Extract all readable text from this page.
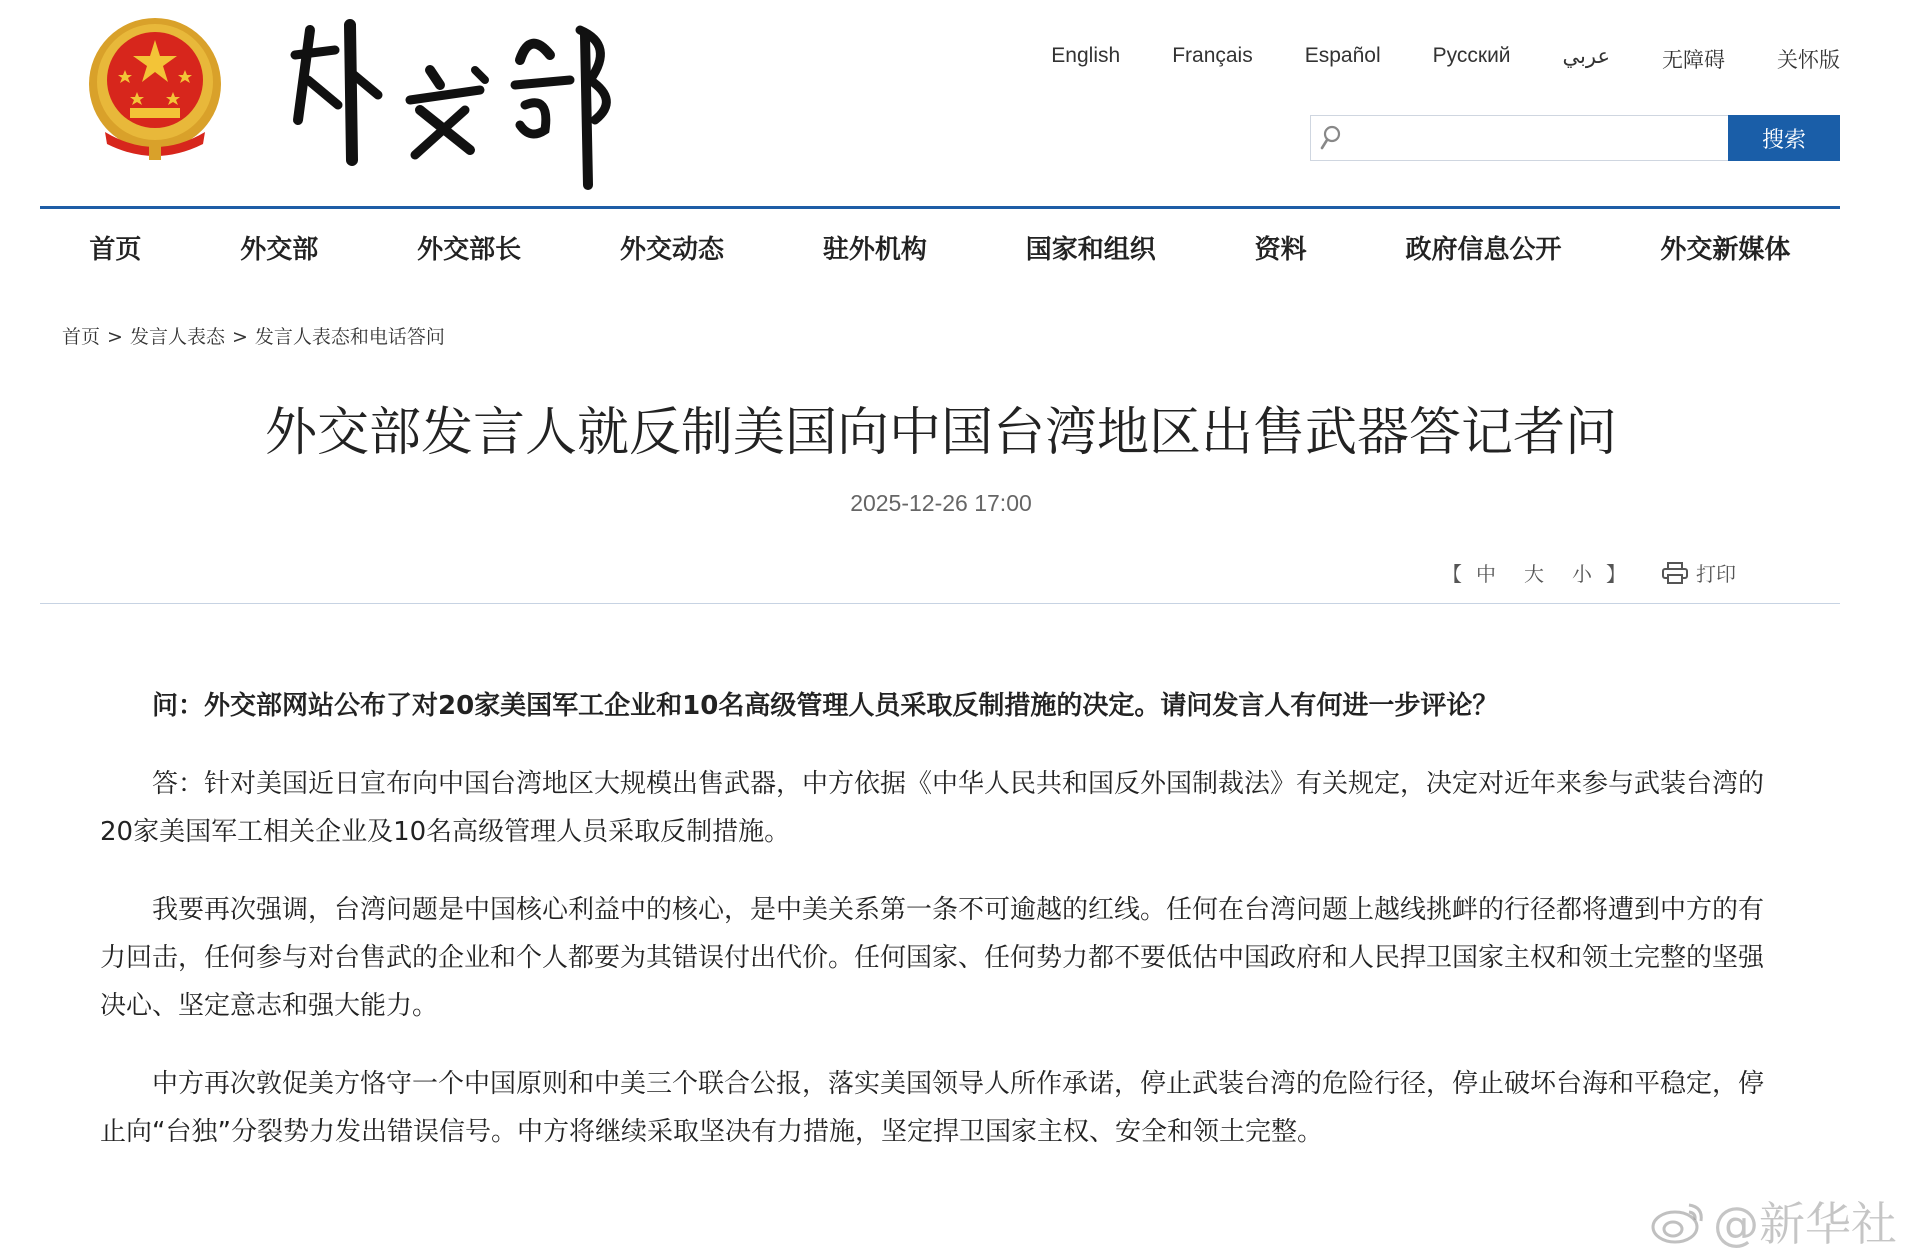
English Français Español Русский عربي 无障碍 关怀版
搜索
首页	外交部	外交部长	外交动态	驻外机构	国家和组织	资料	政府信息公开	外交新媒体
首页 > 发言人表态 > 发言人表态和电话答问
外交部发言人就反制美国向中国台湾地区出售武器答记者问
2025-12-26 17:00
【 中 大 小 】	打印

问：外交部网站公布了对20家美国军工企业和10名高级管理人员采取反制措施的决定。请问发言人有何进一步评论？

答：针对美国近日宣布向中国台湾地区大规模出售武器，中方依据《中华人民共和国反外国制裁法》有关规定，决定对近年来参与武装台湾的20家美国军工相关企业及10名高级管理人员采取反制措施。

我要再次强调，台湾问题是中国核心利益中的核心，是中美关系第一条不可逾越的红线。任何在台湾问题上越线挑衅的行径都将遭到中方的有力回击，任何参与对台售武的企业和个人都要为其错误付出代价。任何国家、任何势力都不要低估中国政府和人民捍卫国家主权和领土完整的坚强决心、坚定意志和强大能力。

中方再次敦促美方恪守一个中国原则和中美三个联合公报，落实美国领导人所作承诺，停止武装台湾的危险行径，停止破坏台海和平稳定，停止向“台独”分裂势力发出错误信号。中方将继续采取坚决有力措施，坚定捍卫国家主权、安全和领土完整。

@新华社
